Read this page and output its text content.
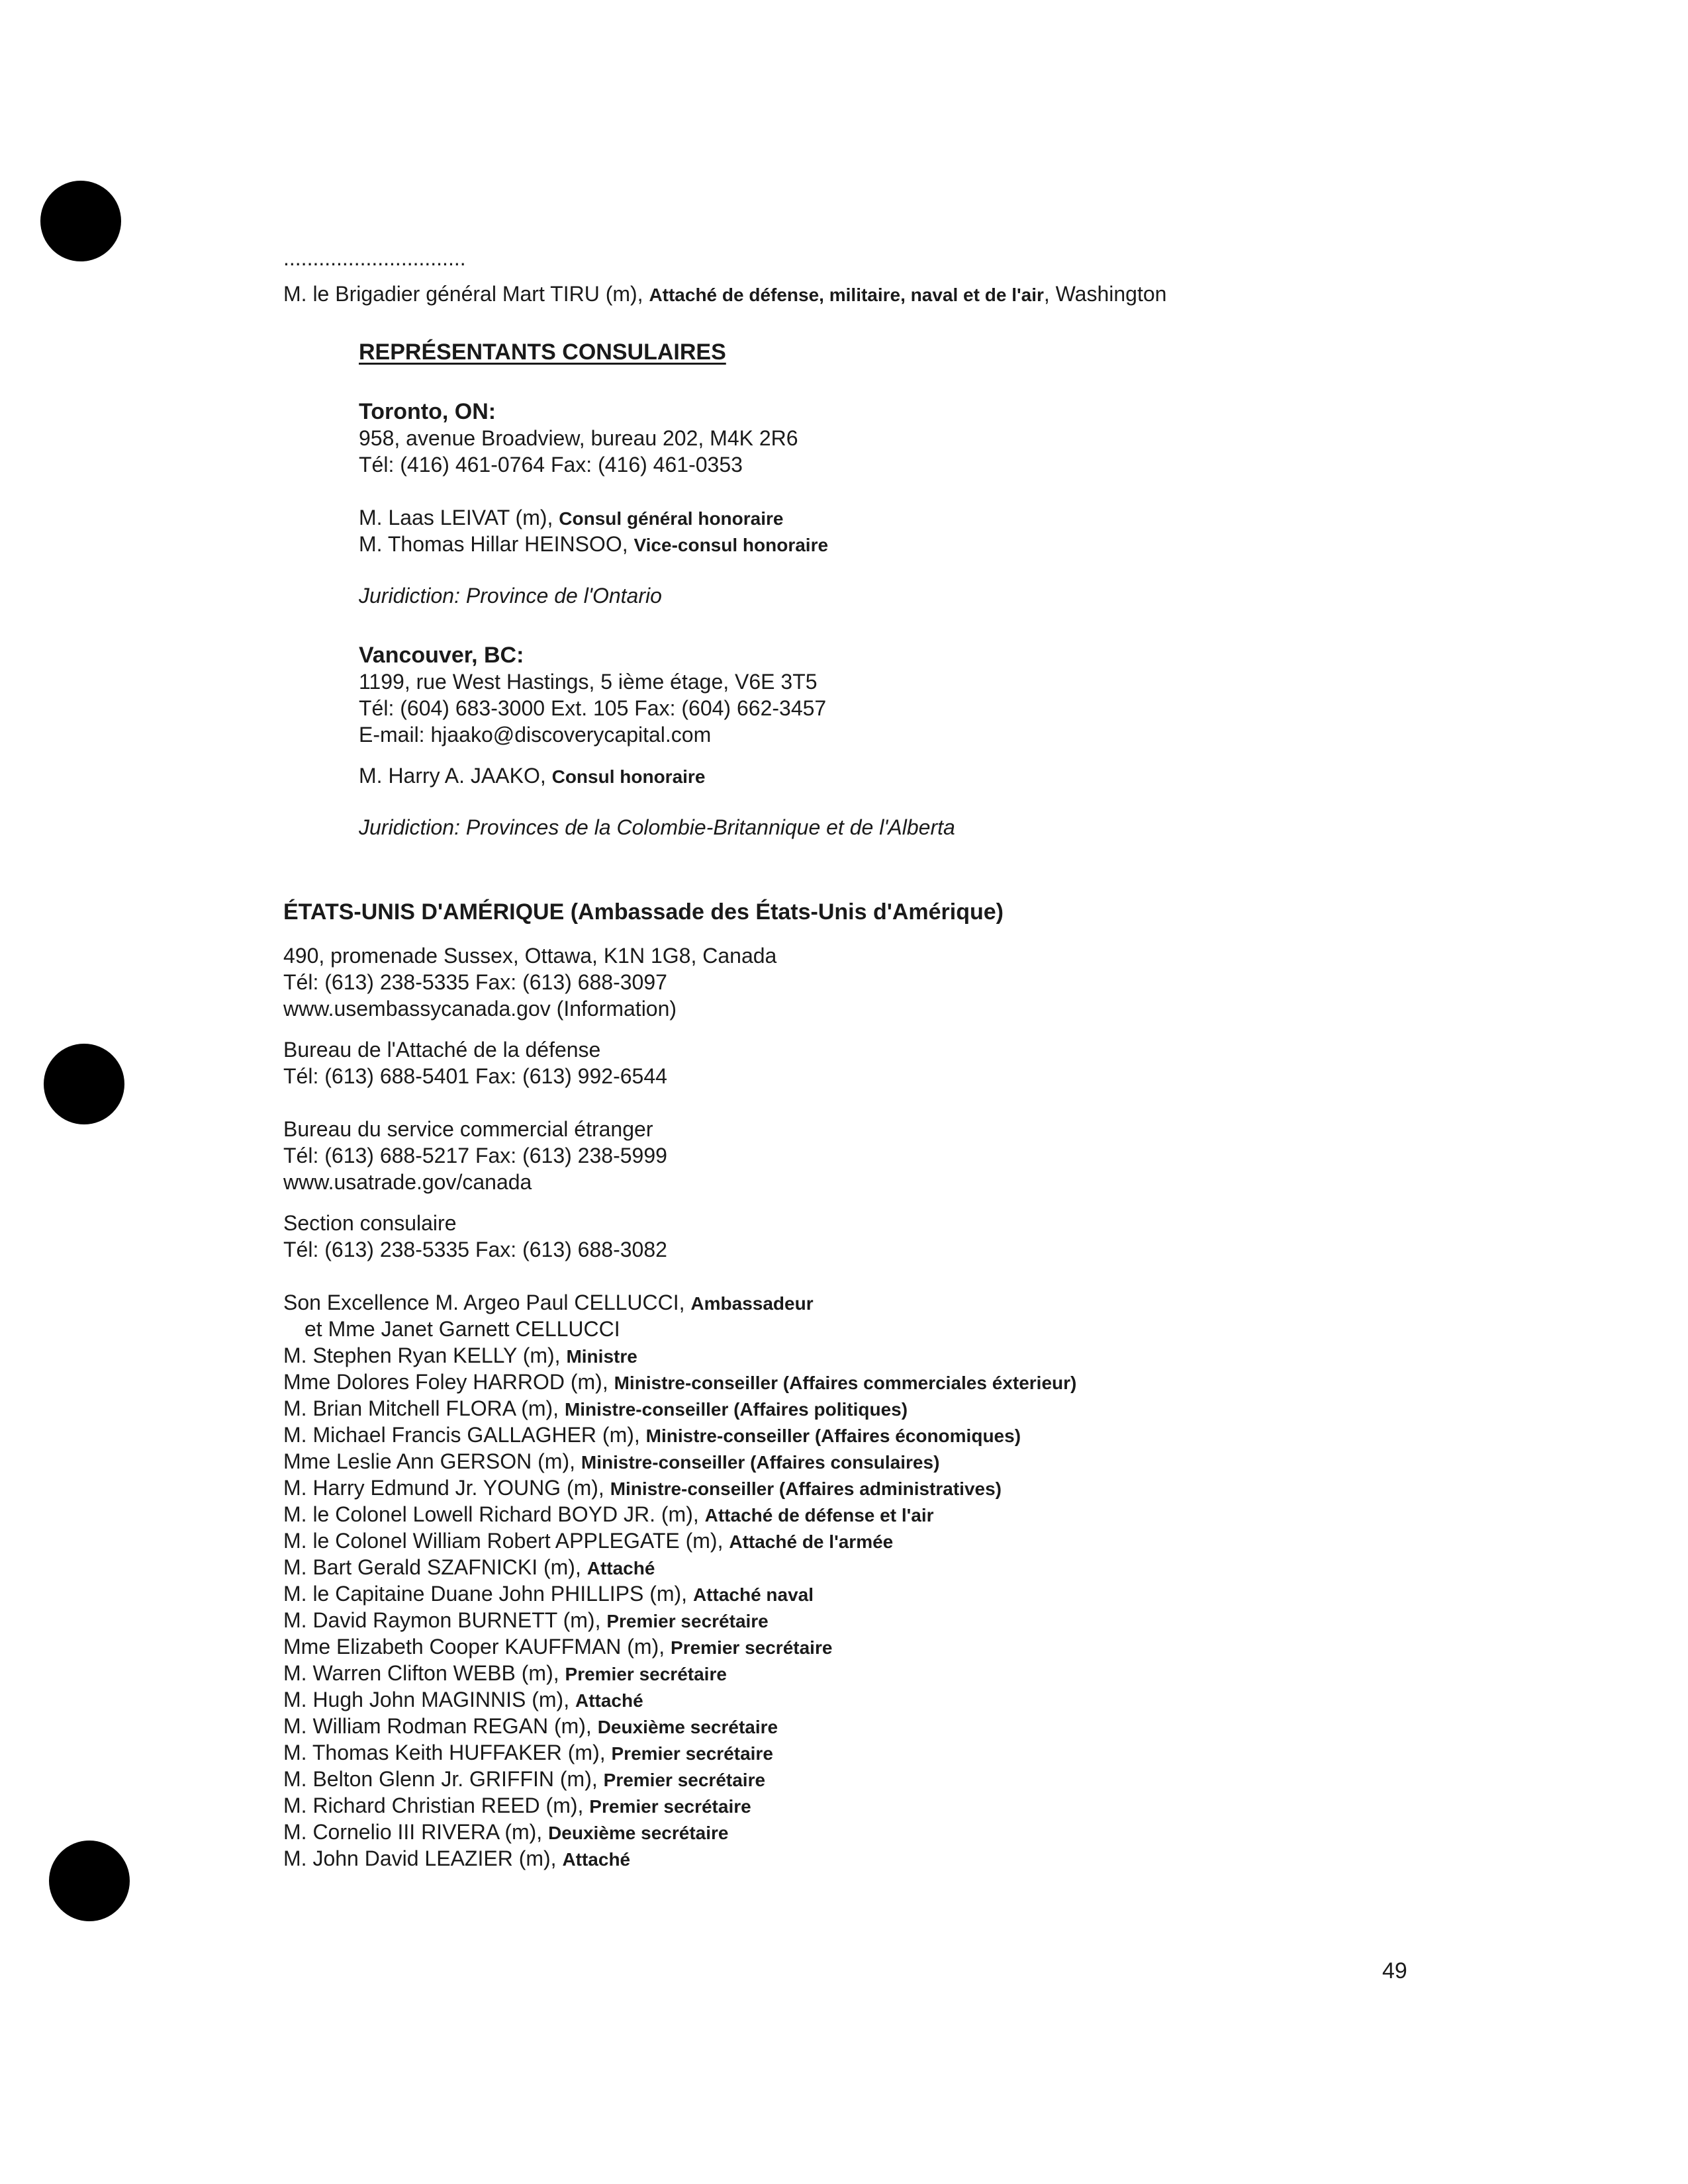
...............................
M. le Brigadier général Mart TIRU (m), Attaché de défense, militaire, naval et de l'air, Washington
REPRÉSENTANTS CONSULAIRES
Toronto, ON:
958, avenue Broadview, bureau 202, M4K 2R6
Tél: (416) 461-0764 Fax: (416) 461-0353
M. Laas LEIVAT (m), Consul général honoraire
M. Thomas Hillar HEINSOO, Vice-consul honoraire
Juridiction: Province de l'Ontario
Vancouver, BC:
1199, rue West Hastings, 5 ième étage, V6E 3T5
Tél: (604) 683-3000 Ext. 105 Fax: (604) 662-3457
E-mail: hjaako@discoverycapital.com
M. Harry A. JAAKO, Consul honoraire
Juridiction: Provinces de la Colombie-Britannique et de l'Alberta
ÉTATS-UNIS D'AMÉRIQUE (Ambassade des États-Unis d'Amérique)
490, promenade Sussex, Ottawa, K1N 1G8, Canada
Tél: (613) 238-5335 Fax: (613) 688-3097
www.usembassycanada.gov (Information)
Bureau de l'Attaché de la défense
Tél: (613) 688-5401 Fax: (613) 992-6544
Bureau du service commercial étranger
Tél: (613) 688-5217 Fax: (613) 238-5999
www.usatrade.gov/canada
Section consulaire
Tél: (613) 238-5335 Fax: (613) 688-3082
Son Excellence M. Argeo Paul CELLUCCI, Ambassadeur
et Mme Janet Garnett CELLUCCI
M. Stephen Ryan KELLY (m), Ministre
Mme Dolores Foley HARROD (m), Ministre-conseiller (Affaires commerciales éxterieur)
M. Brian Mitchell FLORA (m), Ministre-conseiller (Affaires politiques)
M. Michael Francis GALLAGHER (m), Ministre-conseiller (Affaires économiques)
Mme Leslie Ann GERSON (m), Ministre-conseiller (Affaires consulaires)
M. Harry Edmund Jr. YOUNG (m), Ministre-conseiller (Affaires administratives)
M. le Colonel Lowell Richard BOYD JR. (m), Attaché de défense et l'air
M. le Colonel William Robert APPLEGATE (m), Attaché de l'armée
M. Bart Gerald SZAFNICKI (m), Attaché
M. le Capitaine Duane John PHILLIPS (m), Attaché naval
M. David Raymon BURNETT (m), Premier secrétaire
Mme Elizabeth Cooper KAUFFMAN (m), Premier secrétaire
M. Warren Clifton WEBB (m), Premier secrétaire
M. Hugh John MAGINNIS (m), Attaché
M. William Rodman REGAN (m), Deuxième secrétaire
M. Thomas Keith HUFFAKER (m), Premier secrétaire
M. Belton Glenn Jr. GRIFFIN (m), Premier secrétaire
M. Richard Christian REED (m), Premier secrétaire
M. Cornelio III RIVERA (m), Deuxième secrétaire
M. John David LEAZIER (m), Attaché
49
